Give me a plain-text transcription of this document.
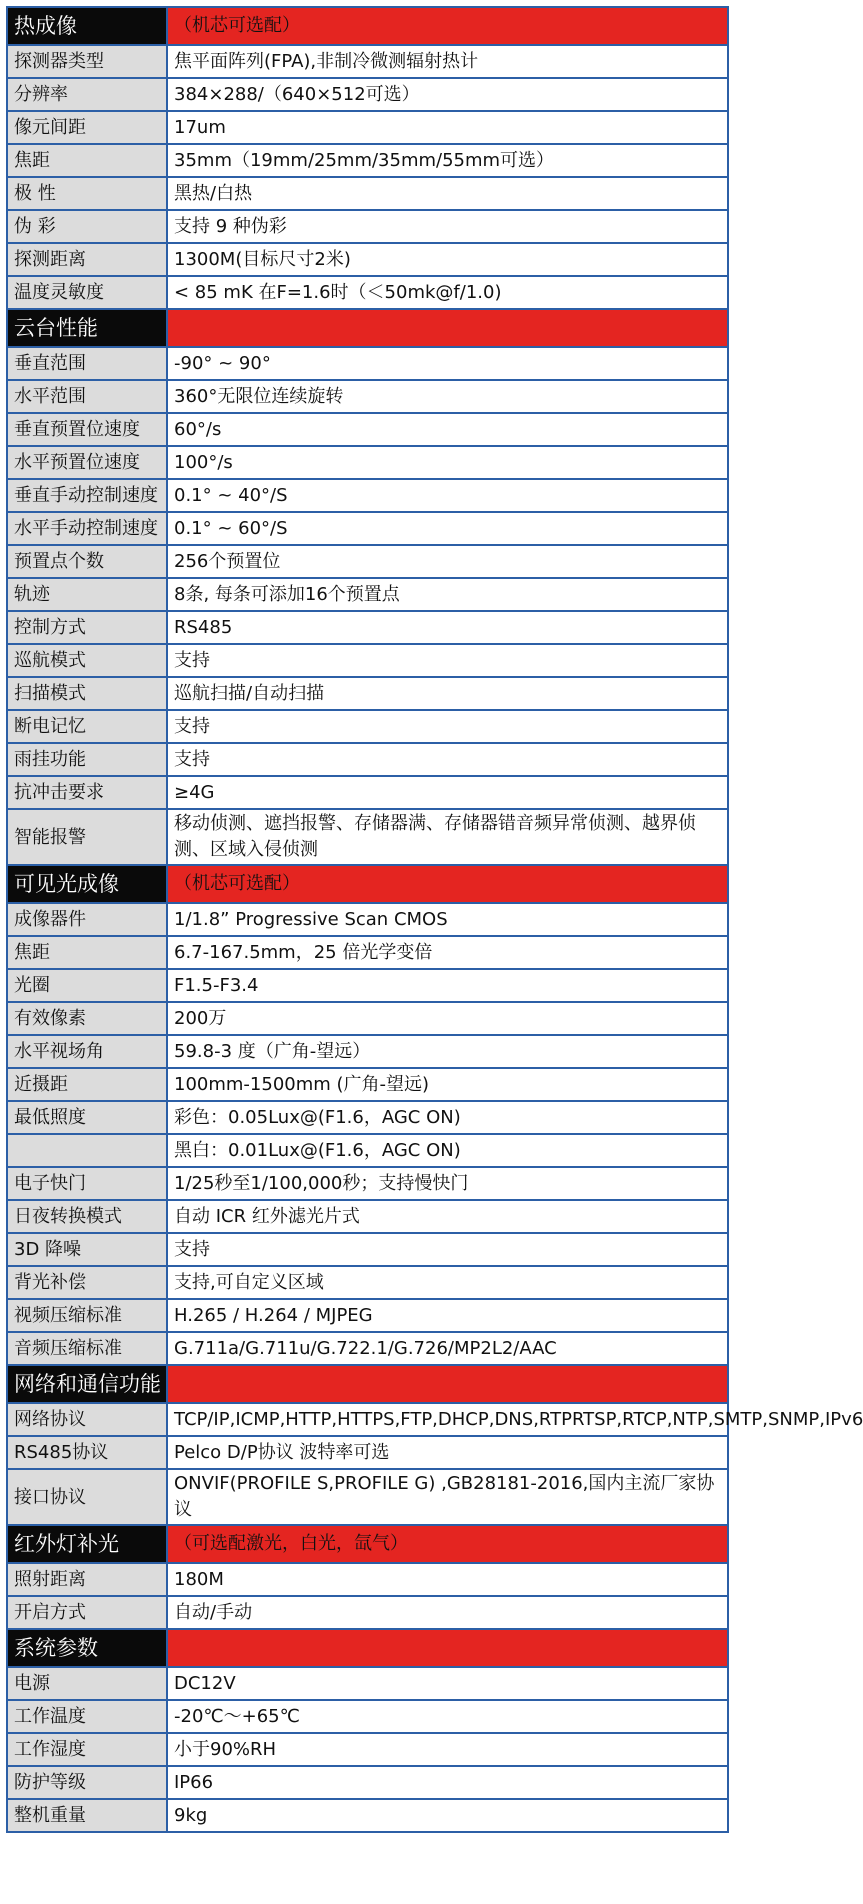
热成像	（机芯可选配）
探测器类型	焦平面阵列(FPA),非制冷微测辐射热计
分辨率	384×288/（640×512可选）
像元间距	17um
焦距	35mm（19mm/25mm/35mm/55mm可选）
极 性	黑热/白热
伪 彩	支持 9 种伪彩
探测距离	1300M(目标尺寸2米)
温度灵敏度	< 85 mK 在F=1.6时（＜50mk@f/1.0)
云台性能	
垂直范围	-90° ~ 90°
水平范围	360°无限位连续旋转
垂直预置位速度	60°/s
水平预置位速度	100°/s
垂直手动控制速度	0.1° ~ 40°/S
水平手动控制速度	0.1° ~ 60°/S
预置点个数	256个预置位
轨迹	8条, 每条可添加16个预置点
控制方式	RS485
巡航模式	支持
扫描模式	巡航扫描/自动扫描
断电记忆	支持
雨挂功能	支持
抗冲击要求	≥4G
智能报警	移动侦测、遮挡报警、存储器满、存储器错音频异常侦测、越界侦测、区域入侵侦测
可见光成像	（机芯可选配）
成像器件	1/1.8” Progressive Scan CMOS
焦距	6.7-167.5mm，25 倍光学变倍
光圈	F1.5-F3.4
有效像素	200万
水平视场角	59.8-3 度（广角-望远）
近摄距	100mm-1500mm (广角-望远)
最低照度	彩色：0.05Lux@(F1.6，AGC ON)
	黑白：0.01Lux@(F1.6，AGC ON)
电子快门	1/25秒至1/100,000秒；支持慢快门
日夜转换模式	自动 ICR 红外滤光片式
3D 降噪	支持
背光补偿	支持,可自定义区域
视频压缩标准	H.265 / H.264 / MJPEG
音频压缩标准	G.711a/G.711u/G.722.1/G.726/MP2L2/AAC
网络和通信功能	
网络协议	TCP/IP,ICMP,HTTP,HTTPS,FTP,DHCP,DNS,RTPRTSP,RTCP,NTP,SMTP,SNMP,IPv6
RS485协议	Pelco D/P协议 波特率可选
接口协议	ONVIF(PROFILE S,PROFILE G) ,GB28181-2016,国内主流厂家协议
红外灯补光	（可选配激光，白光，氙气）
照射距离	180M
开启方式	自动/手动
系统参数	
电源	DC12V
工作温度	-20℃～+65℃
工作湿度	小于90%RH
防护等级	IP66
整机重量	9kg
